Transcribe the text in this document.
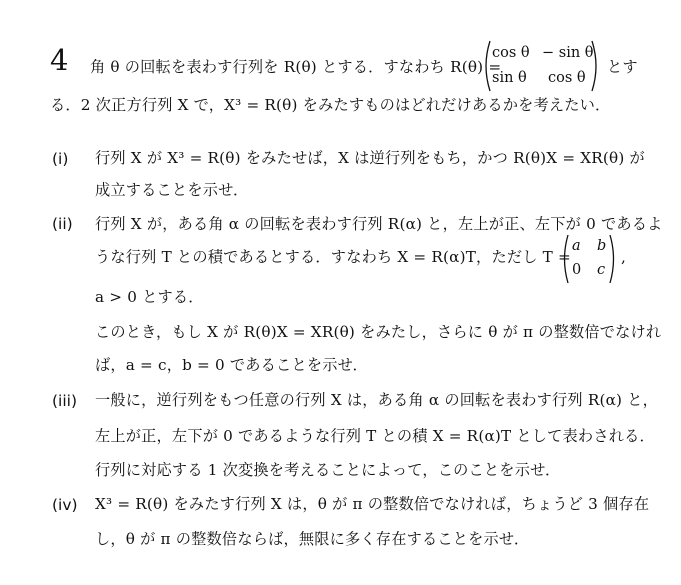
4 角 θ の回転を表わす行列を R(θ) とする．すなわち R(θ) =
cos θ − sin θ
sin θ cos θ
とす
る．2 次正方行列 X で，X³ = R(θ) をみたすものはどれだけあるかを考えたい．
(i) 行列 X が X³ = R(θ) をみたせば，X は逆行列をもち，かつ R(θ)X = XR(θ) が
成立することを示せ．
(ii) 行列 X が，ある角 α の回転を表わす行列 R(α) と，左上が正、左下が 0 であるよ
うな行列 T との積であるとする．すなわち X = R(α)T，ただし T =
a b
0 c
,
a > 0 とする．
このとき，もし X が R(θ)X = XR(θ) をみたし，さらに θ が π の整数倍でなけれ
ば，a = c，b = 0 であることを示せ．
(iii) 一般に，逆行列をもつ任意の行列 X は，ある角 α の回転を表わす行列 R(α) と，
左上が正，左下が 0 であるような行列 T との積 X = R(α)T として表わされる．
行列に対応する 1 次変換を考えることによって，このことを示せ．
(iv) X³ = R(θ) をみたす行列 X は，θ が π の整数倍でなければ，ちょうど 3 個存在
し，θ が π の整数倍ならば，無限に多く存在することを示せ．
